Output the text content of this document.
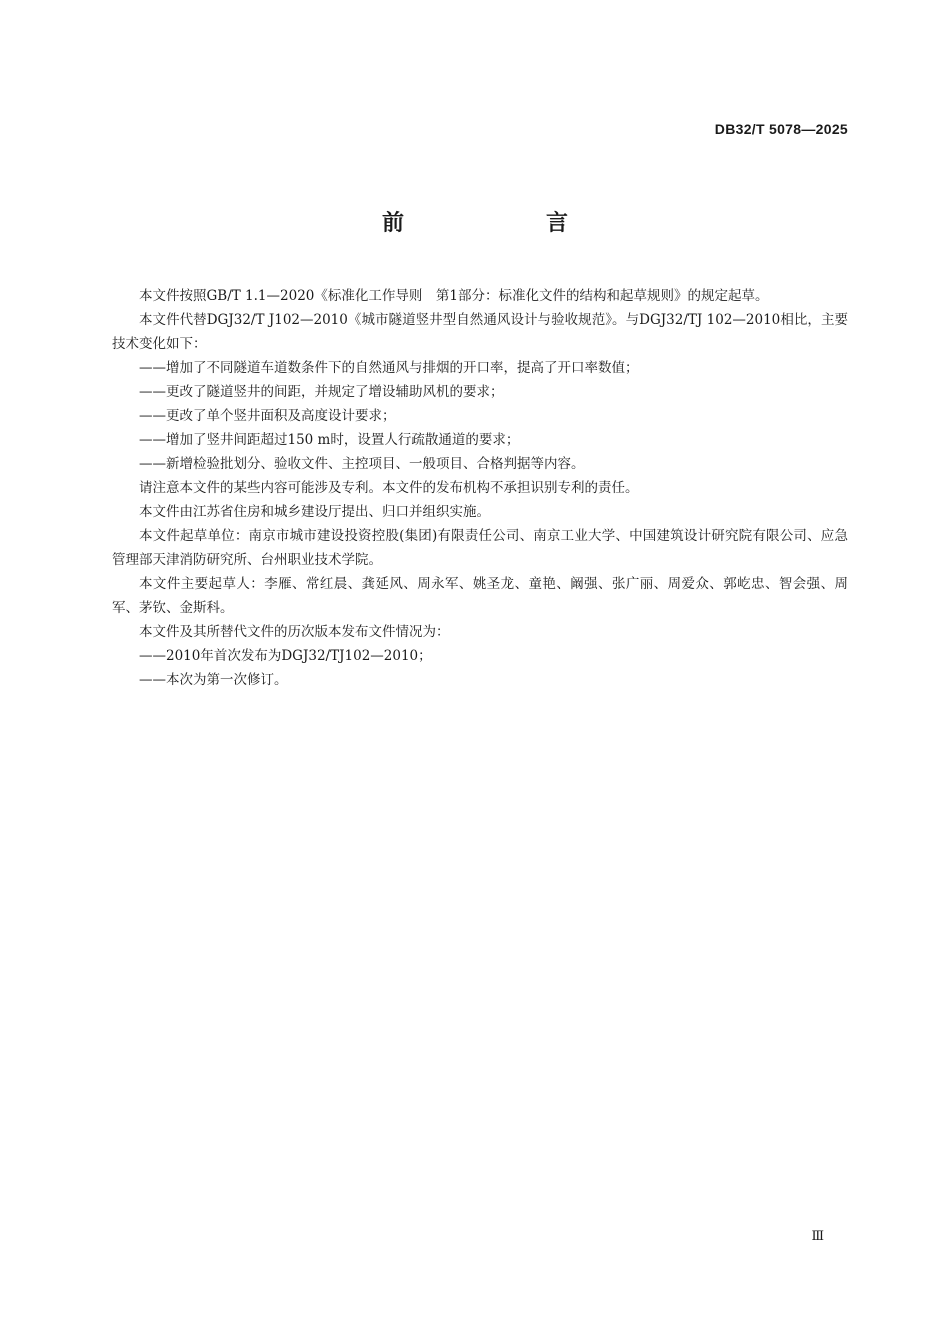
DB32/T 5078—2025
前　言

本文件按照GB/T 1.1—2020《标准化工作导则　第1部分：标准化文件的结构和起草规则》的规定起草。

本文件代替DGJ32/T J102—2010《城市隧道竖井型自然通风设计与验收规范》。与DGJ32/TJ 102—2010相比，主要技术变化如下：

——增加了不同隧道车道数条件下的自然通风与排烟的开口率，提高了开口率数值；

——更改了隧道竖井的间距，并规定了增设辅助风机的要求；

——更改了单个竖井面积及高度设计要求；

——增加了竖井间距超过150 m时，设置人行疏散通道的要求；

——新增检验批划分、验收文件、主控项目、一般项目、合格判据等内容。

请注意本文件的某些内容可能涉及专利。本文件的发布机构不承担识别专利的责任。

本文件由江苏省住房和城乡建设厅提出、归口并组织实施。

本文件起草单位：南京市城市建设投资控股(集团)有限责任公司、南京工业大学、中国建筑设计研究院有限公司、应急管理部天津消防研究所、台州职业技术学院。

本文件主要起草人：李雁、常红晨、龚延风、周永军、姚圣龙、童艳、阚强、张广丽、周爱众、郭屹忠、智会强、周军、茅钦、金斯科。

本文件及其所替代文件的历次版本发布文件情况为：

——2010年首次发布为DGJ32/TJ102—2010；

——本次为第一次修订。

Ⅲ
